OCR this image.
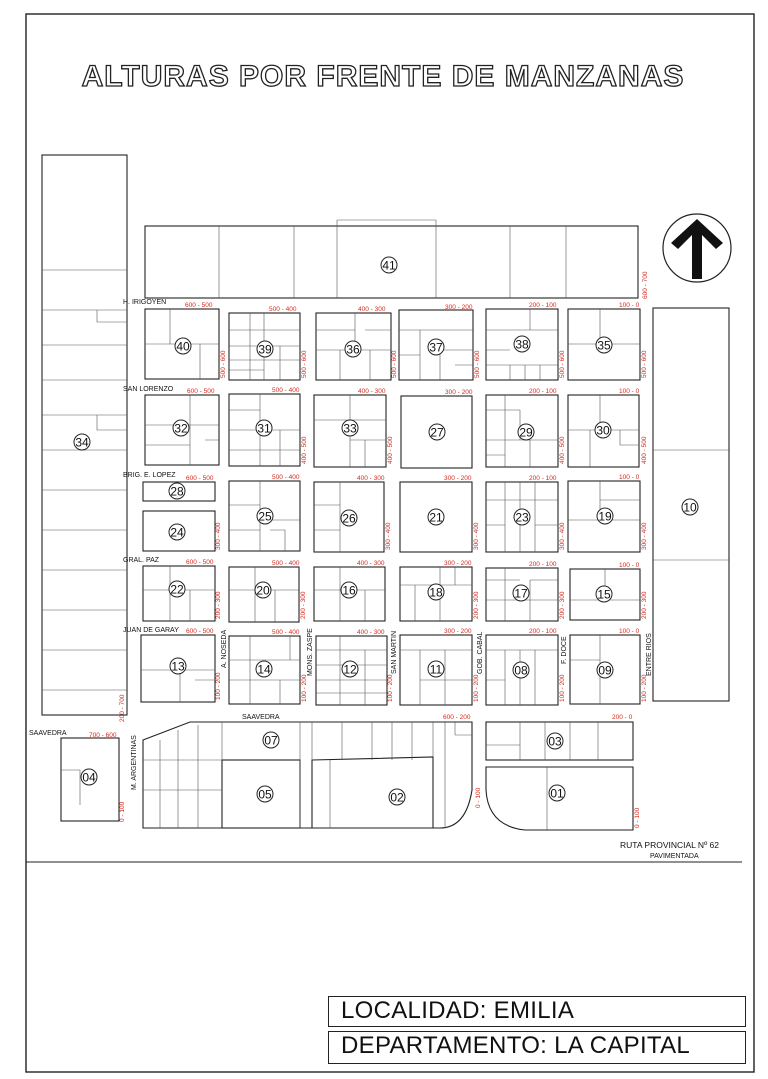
ALTURAS POR FRENTE DE MANZANAS
N
H. IRIGOYEN
SAN LORENZO
BRIG. E. LOPEZ
GRAL. PAZ
JUAN DE GARAY
SAAVEDRA
SAAVEDRA
M. ARGENTINAS
A. NOSEDA	MONS. ZASPE	SAN MARTIN	GOB. CABAL	F. DOCE	ENTRE RIOS
600 - 500
500 - 400	400 - 300	300 - 200	200 - 100	100 - 0
600 - 500	500 - 400	400 - 300	300 - 200	200 - 100	100 - 0
600 - 500	500 - 400	400 - 300	300 - 200	200 - 100	100 - 0
600 - 500	500 - 400	400 - 300	300 - 200	200 - 100	100 - 0
600 - 500	500 - 400	400 - 300	300 - 200	200 - 100	100 - 0
700 - 600
600 - 200	200 - 0
600 - 700
500 - 600	500 - 600	500 - 600	500 - 600	500 - 600	500 - 600
400 - 500	400 - 500	400 - 500	400 - 500
300 - 400	300 - 400	300 - 400	300 - 400	300 - 400
200 - 300	200 - 300	200 - 300	200 - 300	200 - 300
100 - 200	100 - 200	100 - 200	100 - 200	100 - 200	100 - 200
0 - 100
0 - 100
0 - 100
200 - 700
41
40	39	36	37	38	35
34
32	31	33	27	29	30
28
24
25	26	21	23	19
10
22	20	16	18	17	15
13	14	12	11	08	09
07
05	02
03
01
04
RUTA PROVINCIAL Nº 62
PAVIMENTADA
LOCALIDAD: EMILIA
DEPARTAMENTO: LA CAPITAL
